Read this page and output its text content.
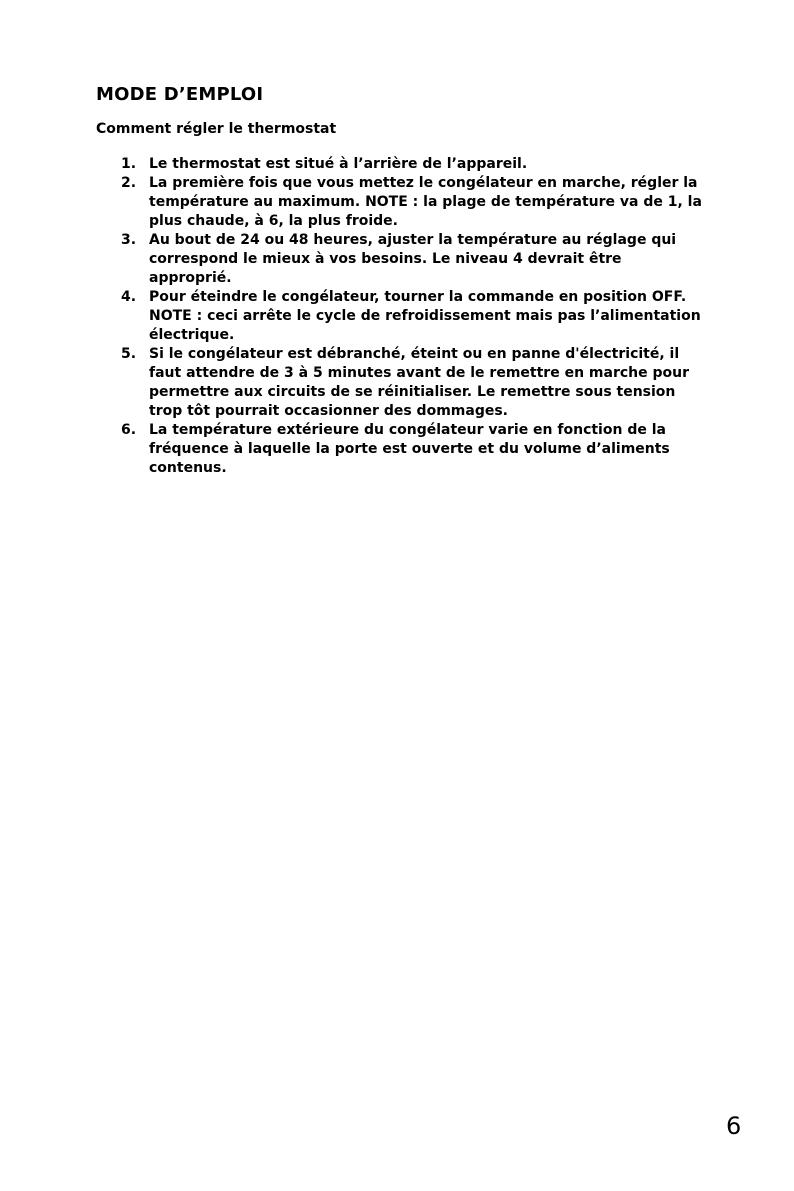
MODE D’EMPLOI
Comment régler le thermostat
1. Le thermostat est situé à l’arrière de l’appareil.
2. La première fois que vous mettez le congélateur en marche, régler la température au maximum. NOTE : la plage de température va de 1, la plus chaude, à 6, la plus froide.
3. Au bout de 24 ou 48 heures, ajuster la température au réglage qui correspond le mieux à vos besoins. Le niveau 4 devrait être approprié.
4. Pour éteindre le congélateur, tourner la commande en position OFF. NOTE : ceci arrête le cycle de refroidissement mais pas l’alimentation électrique.
5. Si le congélateur est débranché, éteint ou en panne d'électricité, il faut attendre de 3 à 5 minutes avant de le remettre en marche pour permettre aux circuits de se réinitialiser. Le remettre sous tension trop tôt pourrait occasionner des dommages.
6. La température extérieure du congélateur varie en fonction de la fréquence à laquelle la porte est ouverte et du volume d’aliments contenus.
6
